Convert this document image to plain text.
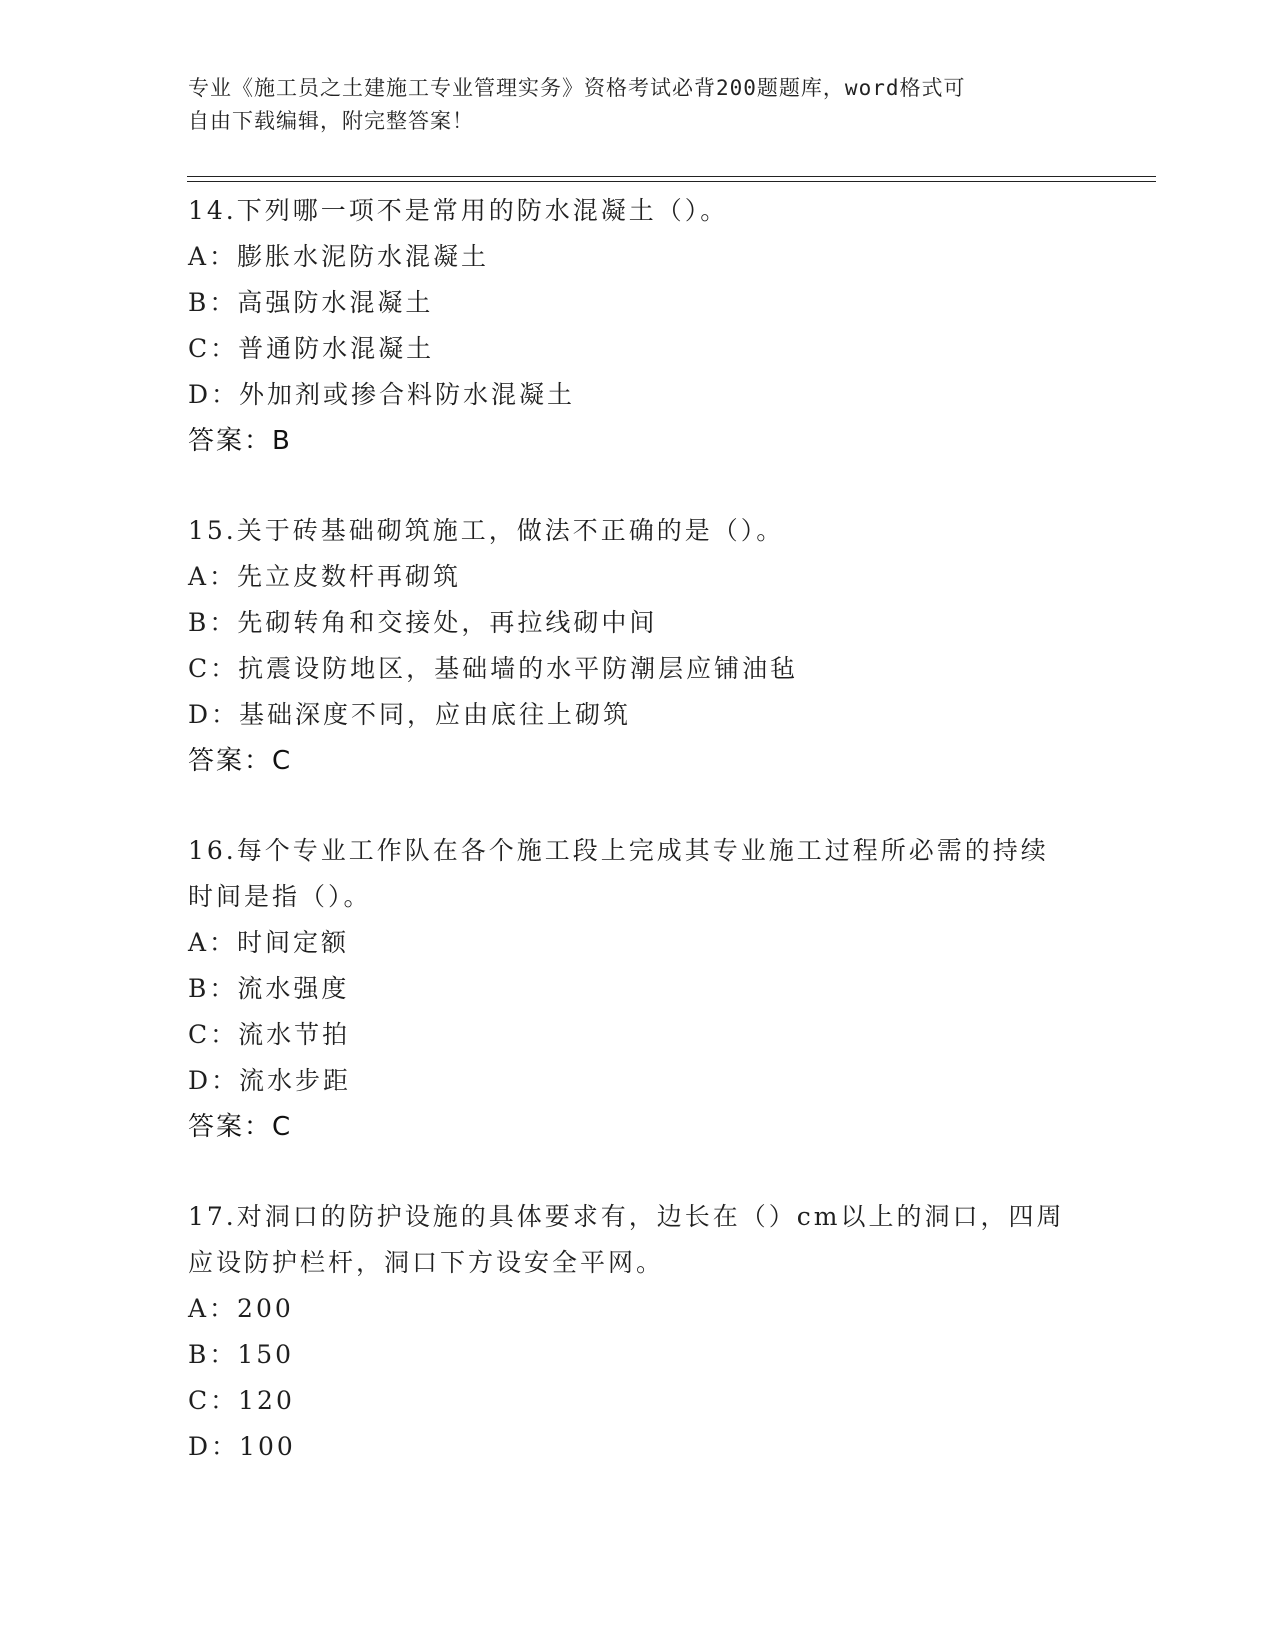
专业《施工员之土建施工专业管理实务》资格考试必背200题题库，word格式可

自由下载编辑，附完整答案！

14.下列哪一项不是常用的防水混凝土（）。

A：膨胀水泥防水混凝土

B：高强防水混凝土

C：普通防水混凝土

D：外加剂或掺合料防水混凝土

答案：B

15.关于砖基础砌筑施工，做法不正确的是（）。

A：先立皮数杆再砌筑

B：先砌转角和交接处，再拉线砌中间

C：抗震设防地区，基础墙的水平防潮层应铺油毡

D：基础深度不同，应由底往上砌筑

答案：C

16.每个专业工作队在各个施工段上完成其专业施工过程所必需的持续

时间是指（）。

A：时间定额

B：流水强度

C：流水节拍

D：流水步距

答案：C

17.对洞口的防护设施的具体要求有，边长在（）cm以上的洞口，四周

应设防护栏杆，洞口下方设安全平网。

A：200

B：150

C：120

D：100
